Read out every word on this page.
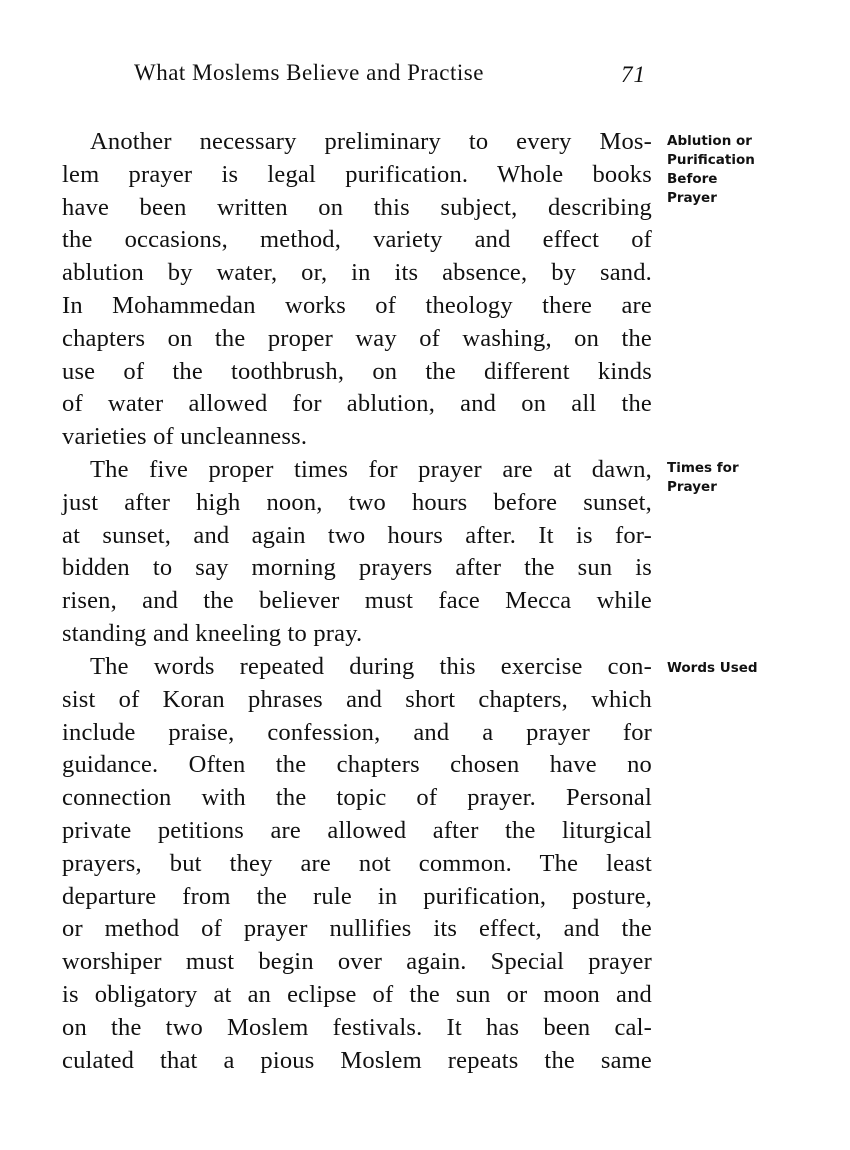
What Moslems Believe and Practise	71
Another necessary preliminary to every Mos-
lem prayer is legal purification. Whole books
have been written on this subject, describing
the occasions, method, variety and effect of
ablution by water, or, in its absence, by sand.
In Mohammedan works of theology there are
chapters on the proper way of washing, on the
use of the toothbrush, on the different kinds
of water allowed for ablution, and on all the
varieties of uncleanness.
The five proper times for prayer are at dawn,
just after high noon, two hours before sunset,
at sunset, and again two hours after. It is for-
bidden to say morning prayers after the sun is
risen, and the believer must face Mecca while
standing and kneeling to pray.
The words repeated during this exercise con-
sist of Koran phrases and short chapters, which
include praise, confession, and a prayer for
guidance. Often the chapters chosen have no
connection with the topic of prayer. Personal
private petitions are allowed after the liturgical
prayers, but they are not common. The least
departure from the rule in purification, posture,
or method of prayer nullifies its effect, and the
worshiper must begin over again. Special prayer
is obligatory at an eclipse of the sun or moon and
on the two Moslem festivals. It has been cal-
culated that a pious Moslem repeats the same
Ablution or
Purification
Before
Prayer
Times for
Prayer
Words Used
